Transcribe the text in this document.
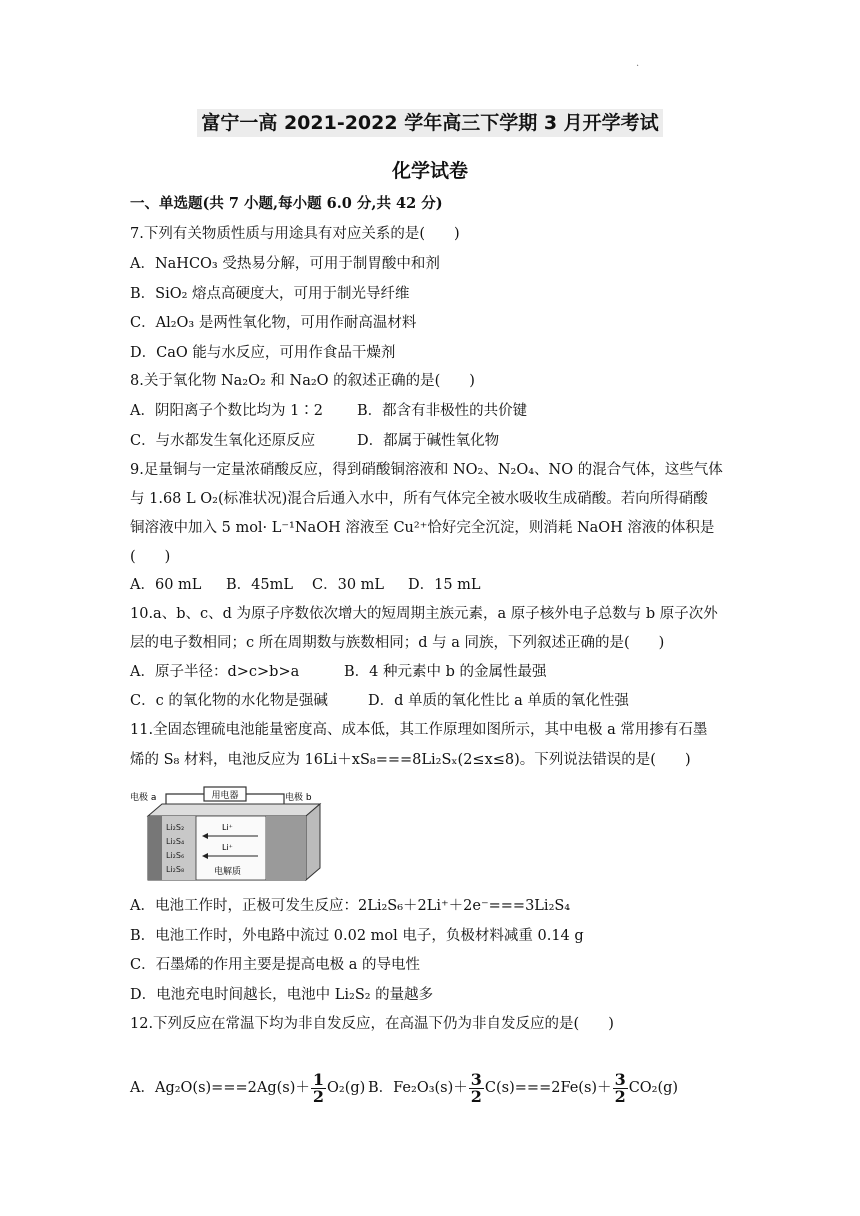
.
富宁一高 2021-2022 学年高三下学期 3 月开学考试
化学试卷
一、单选题(共 7 小题,每小题 6.0 分,共 42 分)
7.下列有关物质性质与用途具有对应关系的是(　　)
A．NaHCO₃ 受热易分解，可用于制胃酸中和剂
B．SiO₂ 熔点高硬度大，可用于制光导纤维
C．Al₂O₃ 是两性氧化物，可用作耐高温材料
D．CaO 能与水反应，可用作食品干燥剂
8.关于氧化物 Na₂O₂ 和 Na₂O 的叙述正确的是(　　)
A．阴阳离子个数比均为 1∶2 B．都含有非极性的共价键
C．与水都发生氧化还原反应	D．都属于碱性氧化物
9.足量铜与一定量浓硝酸反应，得到硝酸铜溶液和 NO₂、N₂O₄、NO 的混合气体，这些气体
与 1.68 L O₂(标准状况)混合后通入水中，所有气体完全被水吸收生成硝酸。若向所得硝酸
铜溶液中加入 5 mol· L⁻¹NaOH 溶液至 Cu²⁺恰好完全沉淀，则消耗 NaOH 溶液的体积是
(　　)
A．60 mL B．45mL C．30 mL D．15 mL
10.a、b、c、d 为原子序数依次增大的短周期主族元素，a 原子核外电子总数与 b 原子次外
层的电子数相同；c 所在周期数与族数相同；d 与 a 同族，下列叙述正确的是(　　)
A．原子半径：d>c>b>a	B．4 种元素中 b 的金属性最强
C．c 的氧化物的水化物是强碱	D．d 单质的氧化性比 a 单质的氧化性强
11.全固态锂硫电池能量密度高、成本低，其工作原理如图所示，其中电极 a 常用掺有石墨
烯的 S₈ 材料，电池反应为 16Li＋xS₈===8Li₂Sₓ(2≤x≤8)。下列说法错误的是(　　)
用电器
电极 a	电极 b
Li₂S₂
Li₂S₄
Li₂S₆
Li₂S₈
Li⁺
Li⁺
电解质
A．电池工作时，正极可发生反应：2Li₂S₆＋2Li⁺＋2e⁻===3Li₂S₄
B．电池工作时，外电路中流过 0.02 mol 电子，负极材料减重 0.14 g
C．石墨烯的作用主要是提高电极 a 的导电性
D．电池充电时间越长，电池中 Li₂S₂ 的量越多
12.下列反应在常温下均为非自发反应，在高温下仍为非自发反应的是(　　)
A．$Ag_2O(s)===2Ag(s)+ \frac{1}{2} O_2(g)$ B．$Fe_2O_3(s)+ \frac{3}{2} C(s)===2Fe(s)+ \frac{3}{2} CO_2(g)$
